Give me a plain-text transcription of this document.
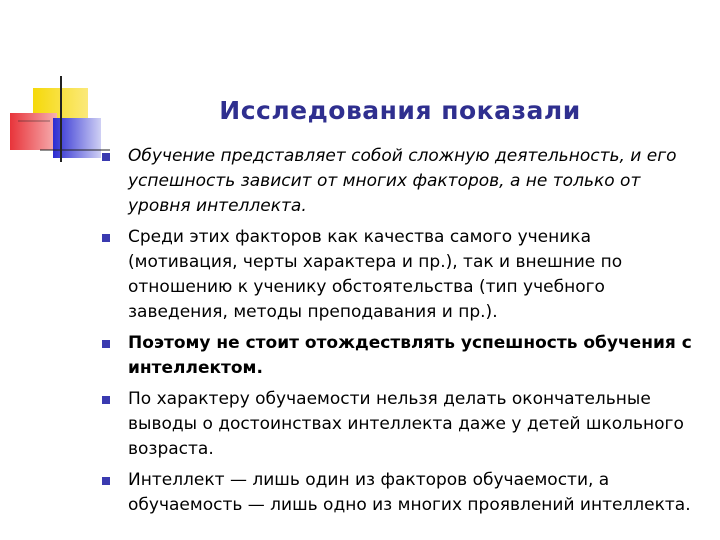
Исследования показали
Обучение представляет собой сложную деятельность, и его успешность зависит от многих факторов, а не только от уровня интеллекта.
Среди этих факторов как качества самого ученика (мотивация, черты характера и пр.), так и внешние по отношению к ученику обстоятельства (тип учебного заведения, методы преподавания и пр.).
Поэтому не стоит отождествлять успешность обучения с интеллектом.
По характеру обучаемости нельзя делать окончательные выводы о достоинствах интеллекта даже у детей школьного возраста.
Интеллект — лишь один из факторов обучаемости, а обучаемость — лишь одно из многих проявлений интеллекта.
